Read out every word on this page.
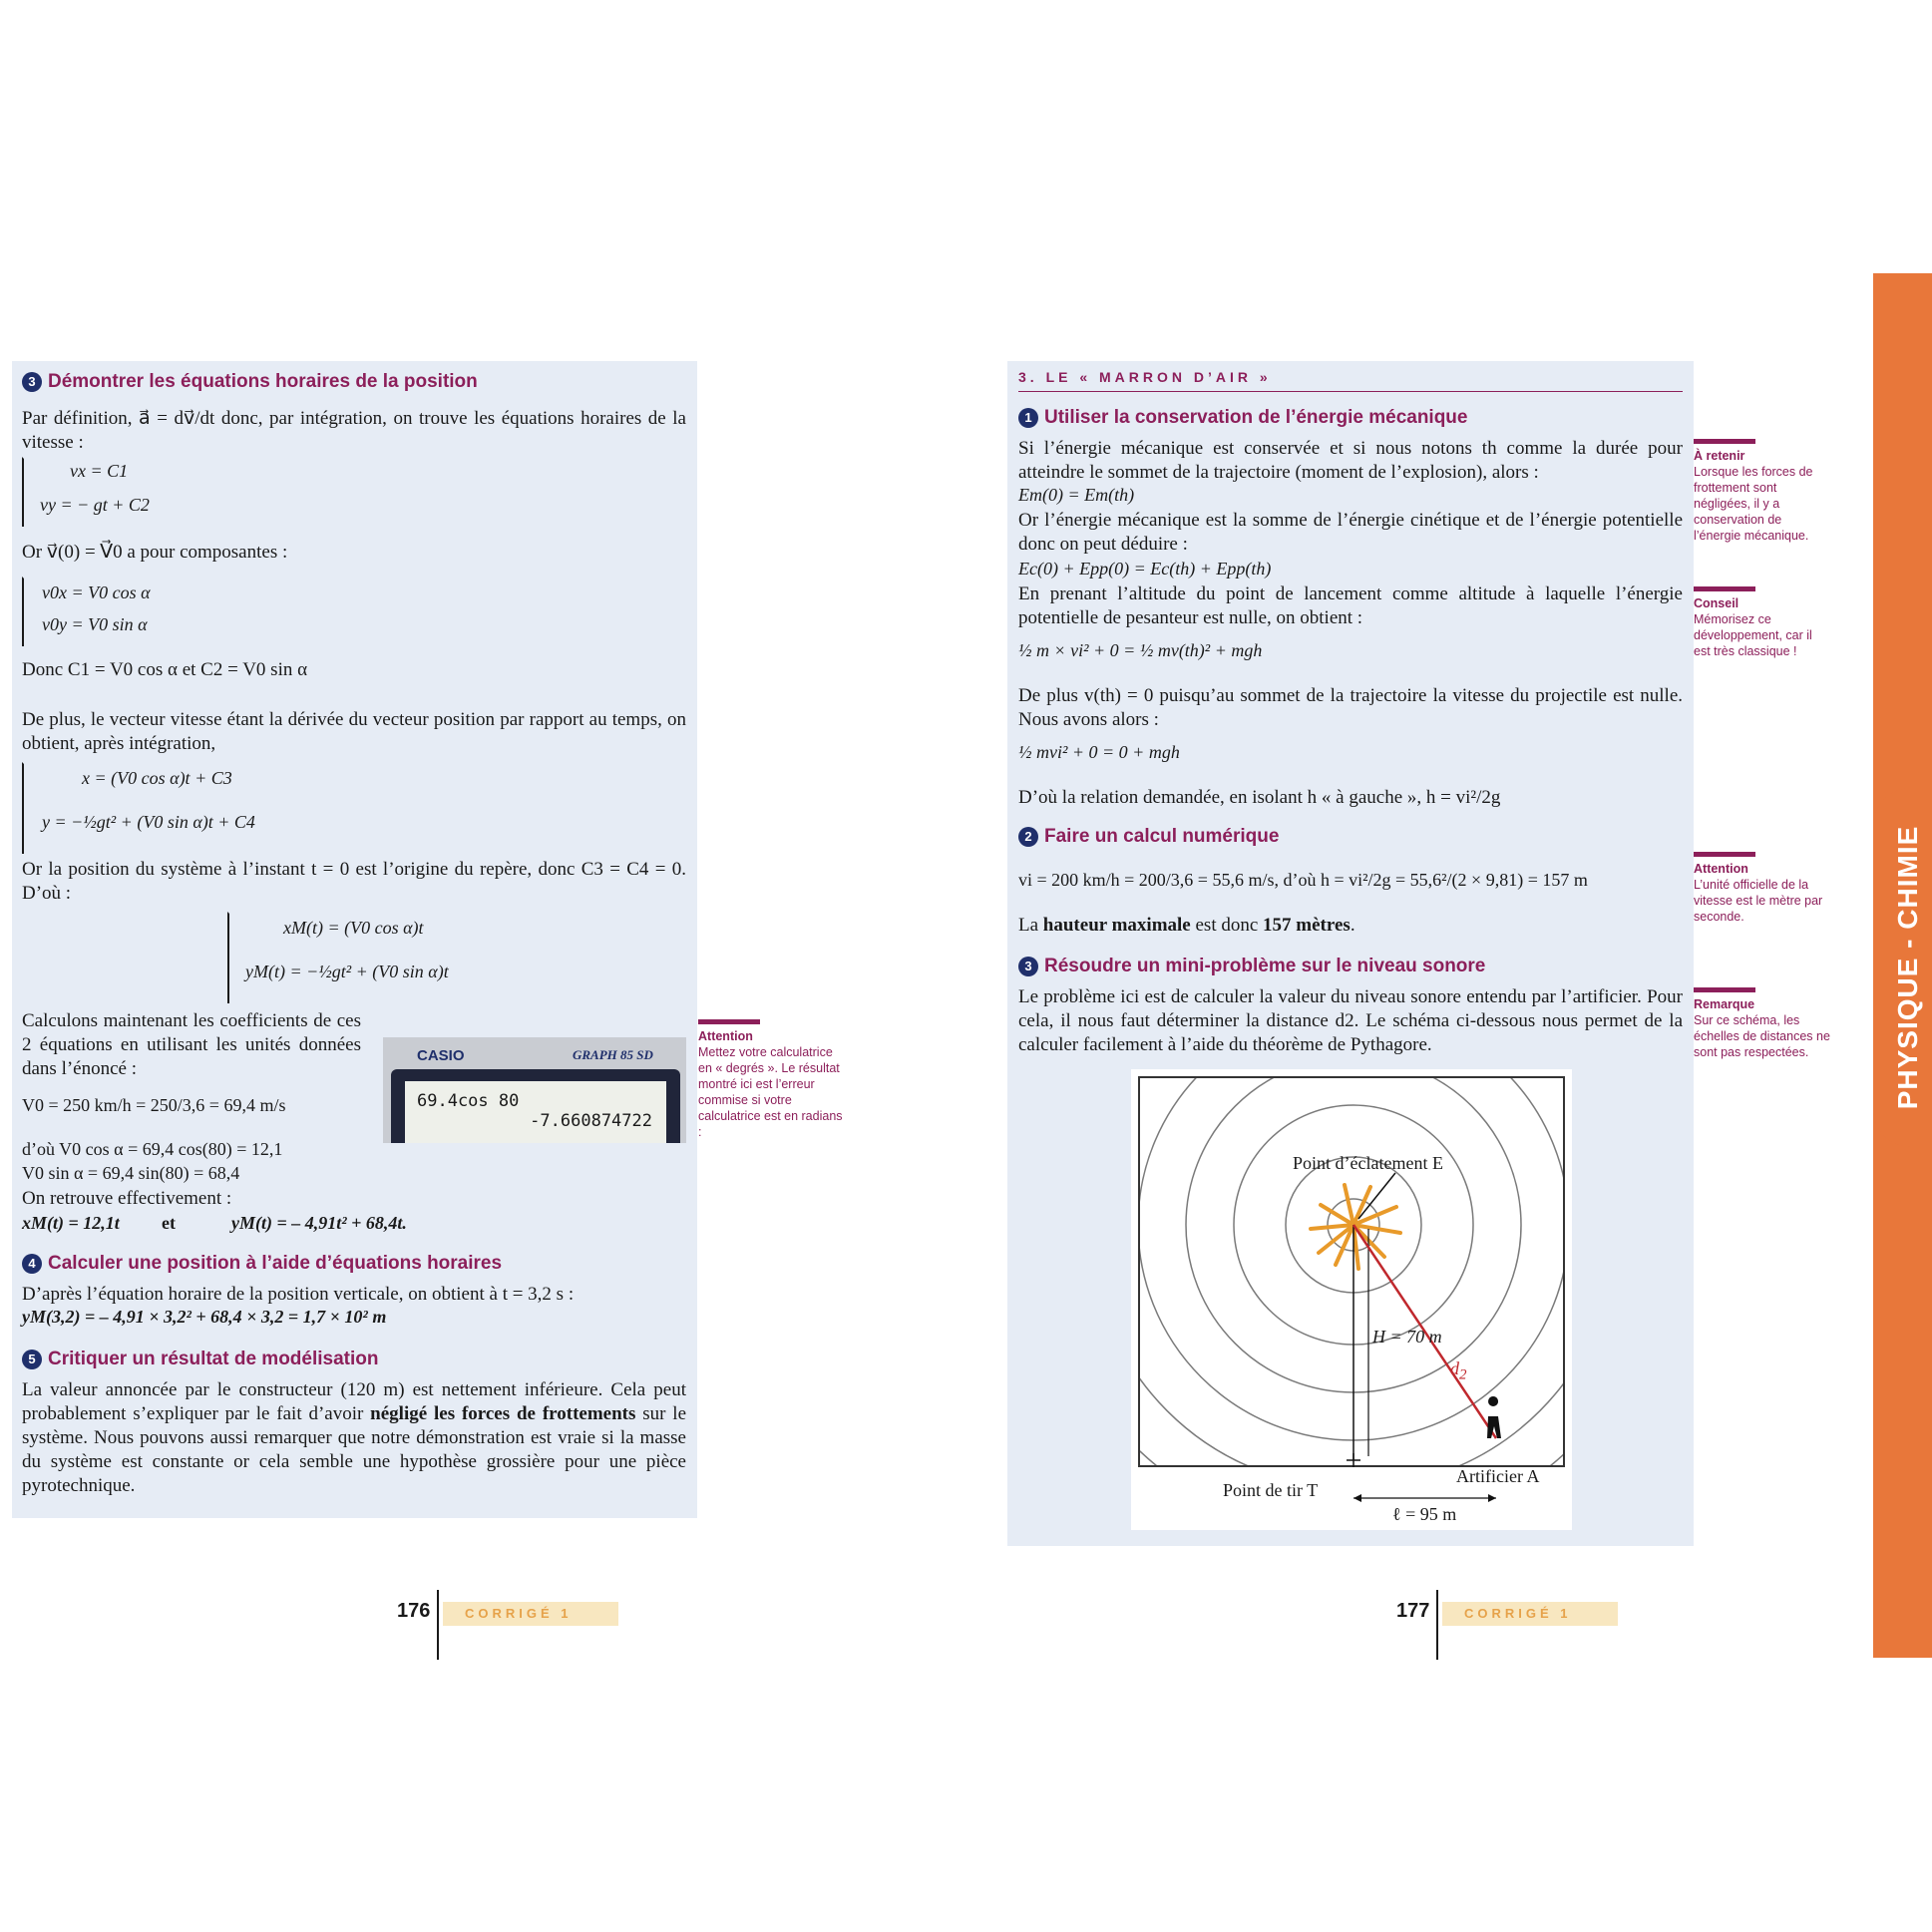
3 Démontrer les équations horaires de la position
Par définition, a⃗ = dv⃗/dt donc, par intégration, on trouve les équations horaires de la vitesse :
vx = C1
vy = − gt + C2
Or v⃗(0) = V⃗0 a pour composantes :
v0x = V0 cos α
v0y = V0 sin α
Donc C1 = V0 cos α et C2 = V0 sin α
De plus, le vecteur vitesse étant la dérivée du vecteur position par rapport au temps, on obtient, après intégration,
x = (V0 cos α)t + C3
y = −½gt² + (V0 sin α)t + C4
Or la position du système à l’instant t = 0 est l’origine du repère, donc C3 = C4 = 0. D’où :
xM(t) = (V0 cos α)t
yM(t) = −½gt² + (V0 sin α)t
Calculons maintenant les coefficients de ces 2 équations en utilisant les unités données dans l’énoncé :
CASIO	GRAPH 85 SD
69.4cos 80
-7.660874722
V0 = 250 km/h = 250/3,6 = 69,4 m/s
d’où V0 cos α = 69,4 cos(80) = 12,1
V0 sin α = 69,4 sin(80) = 68,4
On retrouve effectivement :
xM(t) = 12,1t et	yM(t) = – 4,91t² + 68,4t.
4 Calculer une position à l’aide d’équations horaires
D’après l’équation horaire de la position verticale, on obtient à t = 3,2 s :
yM(3,2) = – 4,91 × 3,2² + 68,4 × 3,2 = 1,7 × 10² m
5 Critiquer un résultat de modélisation
La valeur annoncée par le constructeur (120 m) est nettement inférieure. Cela peut probablement s’expliquer par le fait d’avoir négligé les forces de frottements sur le système. Nous pouvons aussi remarquer que notre démonstration est vraie si la masse du système est constante or cela semble une hypothèse grossière pour une pièce pyrotechnique.
Attention
Mettez votre calculatrice en « degrés ». Le résultat montré ici est l’erreur commise si votre calculatrice est en radians :
176	CORRIGÉ 1
3. LE « MARRON D’AIR »
1 Utiliser la conservation de l’énergie mécanique
Si l’énergie mécanique est conservée et si nous notons th comme la durée pour atteindre le sommet de la trajectoire (moment de l’explosion), alors :
Em(0) = Em(th)
Or l’énergie mécanique est la somme de l’énergie cinétique et de l’énergie potentielle donc on peut déduire :
Ec(0) + Epp(0) = Ec(th) + Epp(th)
En prenant l’altitude du point de lancement comme altitude à laquelle l’énergie potentielle de pesanteur est nulle, on obtient :
½ m × vi² + 0 = ½ mv(th)² + mgh
De plus v(th) = 0 puisqu’au sommet de la trajectoire la vitesse du projectile est nulle. Nous avons alors :
½ mvi² + 0 = 0 + mgh
D’où la relation demandée, en isolant h « à gauche », h = vi²/2g
2 Faire un calcul numérique
vi = 200 km/h = 200/3,6 = 55,6 m/s, d’où h = vi²/2g = 55,6²/(2 × 9,81) = 157 m
La hauteur maximale est donc 157 mètres.
3 Résoudre un mini-problème sur le niveau sonore
Le problème ici est de calculer la valeur du niveau sonore entendu par l’artificier. Pour cela, il nous faut déterminer la distance d2. Le schéma ci-dessous nous permet de la calculer facilement à l’aide du théorème de Pythagore.
Point d’éclatement E
H = 70 m
$d_2$
Point de tir T
Artificier A
ℓ = 95 m
À retenir
Lorsque les forces de frottement sont négligées, il y a conservation de l’énergie mécanique.
Conseil
Mémorisez ce développement, car il est très classique !
Attention
L’unité officielle de la vitesse est le mètre par seconde.
Remarque
Sur ce schéma, les échelles de distances ne sont pas respectées.	PHYSIQUE - CHIMIE
177	CORRIGÉ 1
